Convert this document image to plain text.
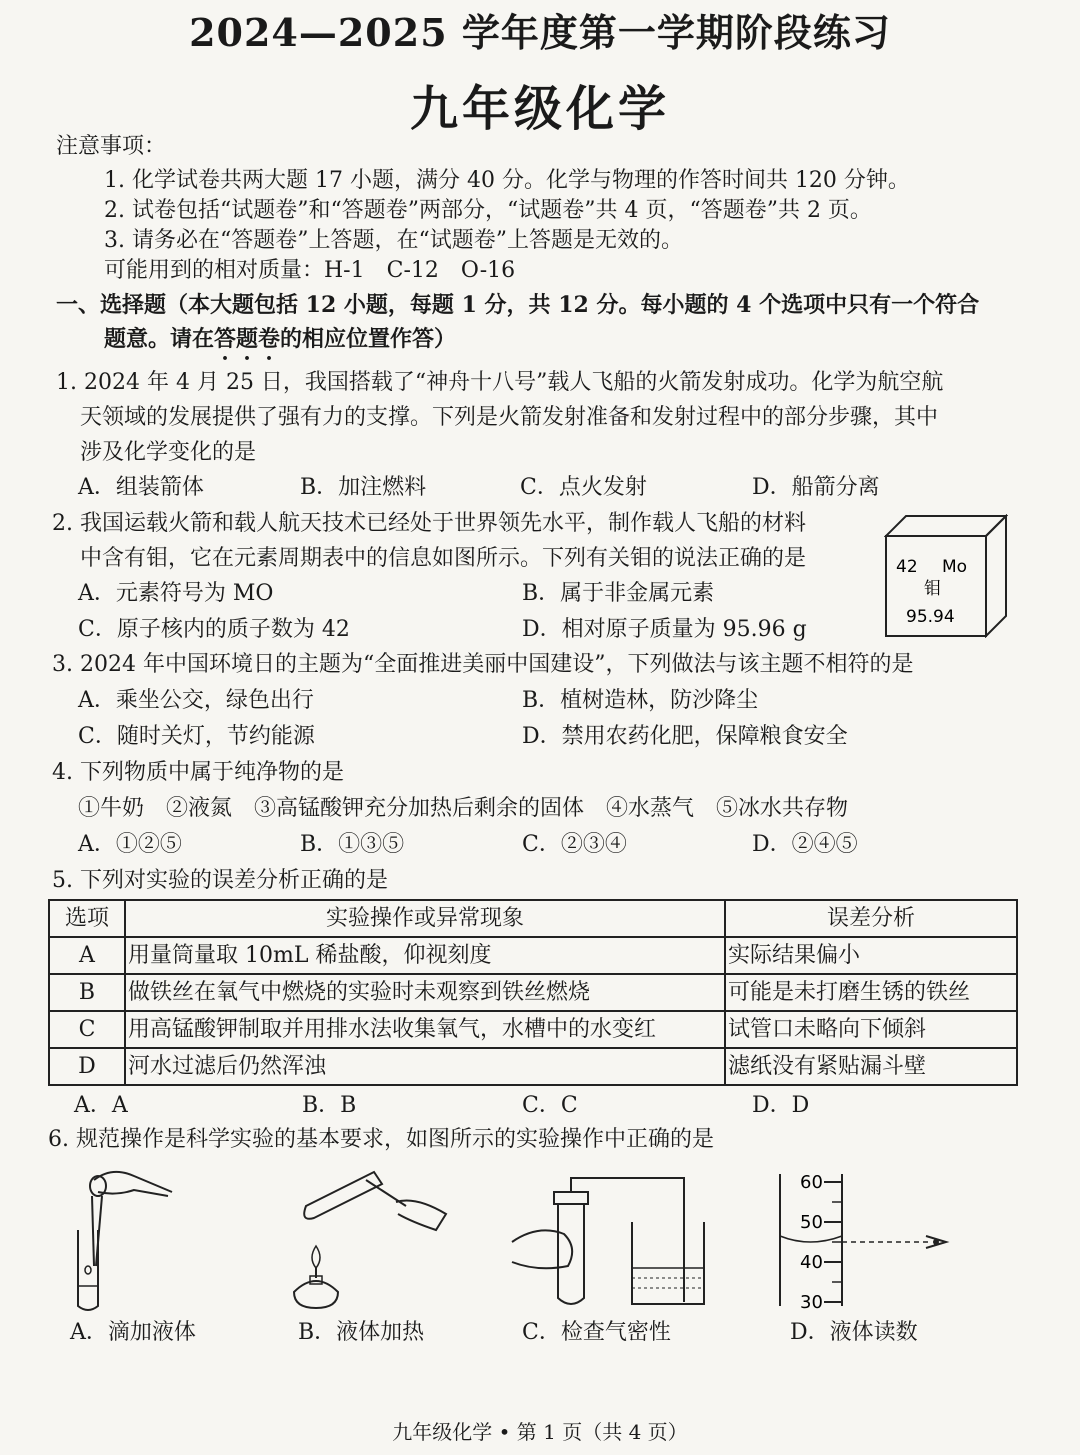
2024—2025 学年度第一学期阶段练习
九年级化学
注意事项：
1. 化学试卷共两大题 17 小题，满分 40 分。化学与物理的作答时间共 120 分钟。
2. 试卷包括“试题卷”和“答题卷”两部分，“试题卷”共 4 页，“答题卷”共 2 页。
3. 请务必在“答题卷”上答题，在“试题卷”上答题是无效的。
可能用到的相对质量：H-1　C-12　O-16
一、选择题（本大题包括 12 小题，每题 1 分，共 12 分。每小题的 4 个选项中只有一个符合
题意。请在答题卷的相应位置作答）
1. 2024 年 4 月 25 日，我国搭载了“神舟十八号”载人飞船的火箭发射成功。化学为航空航
天领域的发展提供了强有力的支撑。下列是火箭发射准备和发射过程中的部分步骤，其中
涉及化学变化的是
A．组装箭体	B．加注燃料	C．点火发射	D．船箭分离
2. 我国运载火箭和载人航天技术已经处于世界领先水平，制作载人飞船的材料
中含有钼，它在元素周期表中的信息如图所示。下列有关钼的说法正确的是
A．元素符号为 MO	B．属于非金属元素
C．原子核内的质子数为 42	D．相对原子质量为 95.96 g
42 Mo
钼
95.94
3. 2024 年中国环境日的主题为“全面推进美丽中国建设”，下列做法与该主题不相符的是
A．乘坐公交，绿色出行	B．植树造林，防沙降尘
C．随时关灯，节约能源	D．禁用农药化肥，保障粮食安全
4. 下列物质中属于纯净物的是
①牛奶　②液氮　③高锰酸钾充分加热后剩余的固体　④水蒸气　⑤冰水共存物
A．①②⑤	B．①③⑤	C．②③④	D．②④⑤
5. 下列对实验的误差分析正确的是
选项	实验操作或异常现象	误差分析
A	用量筒量取 10mL 稀盐酸，仰视刻度	实际结果偏小
B	做铁丝在氧气中燃烧的实验时未观察到铁丝燃烧	可能是未打磨生锈的铁丝
C	用高锰酸钾制取并用排水法收集氧气，水槽中的水变红	试管口未略向下倾斜
D	河水过滤后仍然浑浊	滤纸没有紧贴漏斗壁
A．A	B．B	C．C	D．D
6. 规范操作是科学实验的基本要求，如图所示的实验操作中正确的是
60
50
40
30
A．滴加液体	B．液体加热	C．检查气密性	D．液体读数
九年级化学 • 第 1 页（共 4 页）
